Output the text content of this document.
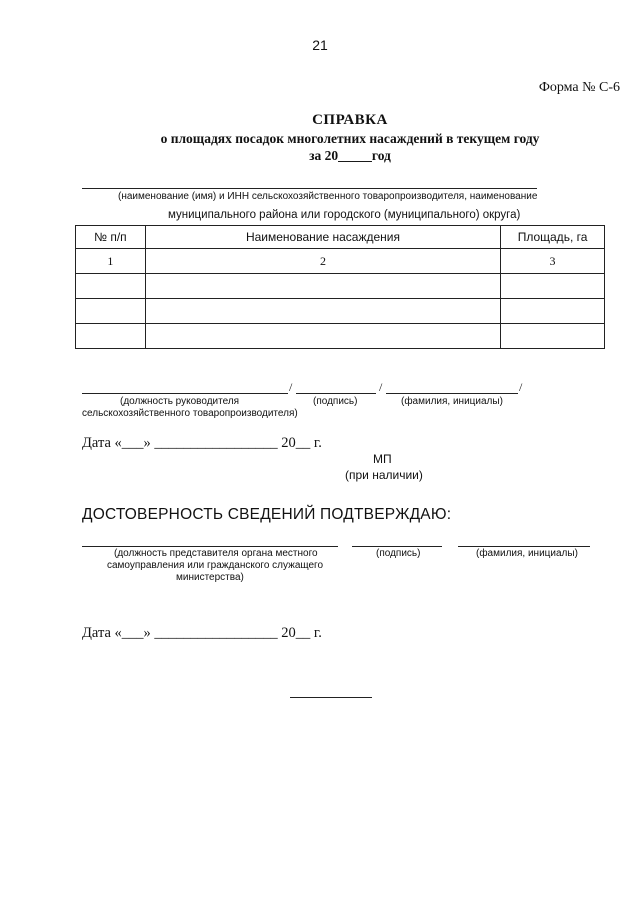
21
Форма № С-6
СПРАВКА
о площадях посадок многолетних насаждений в текущем году
за 20_____год
(наименование (имя) и ИНН сельскохозяйственного товаропроизводителя, наименование
муниципального района или городского (муниципального) округа)
№ п/п	Наименование насаждения	Площадь, га
1	2	3

/	/	/
(должность руководителя
сельскохозяйственного товаропроизводителя)
(подпись)	(фамилия, инициалы)
Дата «___» _________________ 20__ г.
МП
(при наличии)
ДОСТОВЕРНОСТЬ СВЕДЕНИЙ ПОДТВЕРЖДАЮ:
(должность представителя органа местного
самоуправления или гражданского служащего
министерства)
(подпись)	(фамилия, инициалы)
Дата «___» _________________ 20__ г.
